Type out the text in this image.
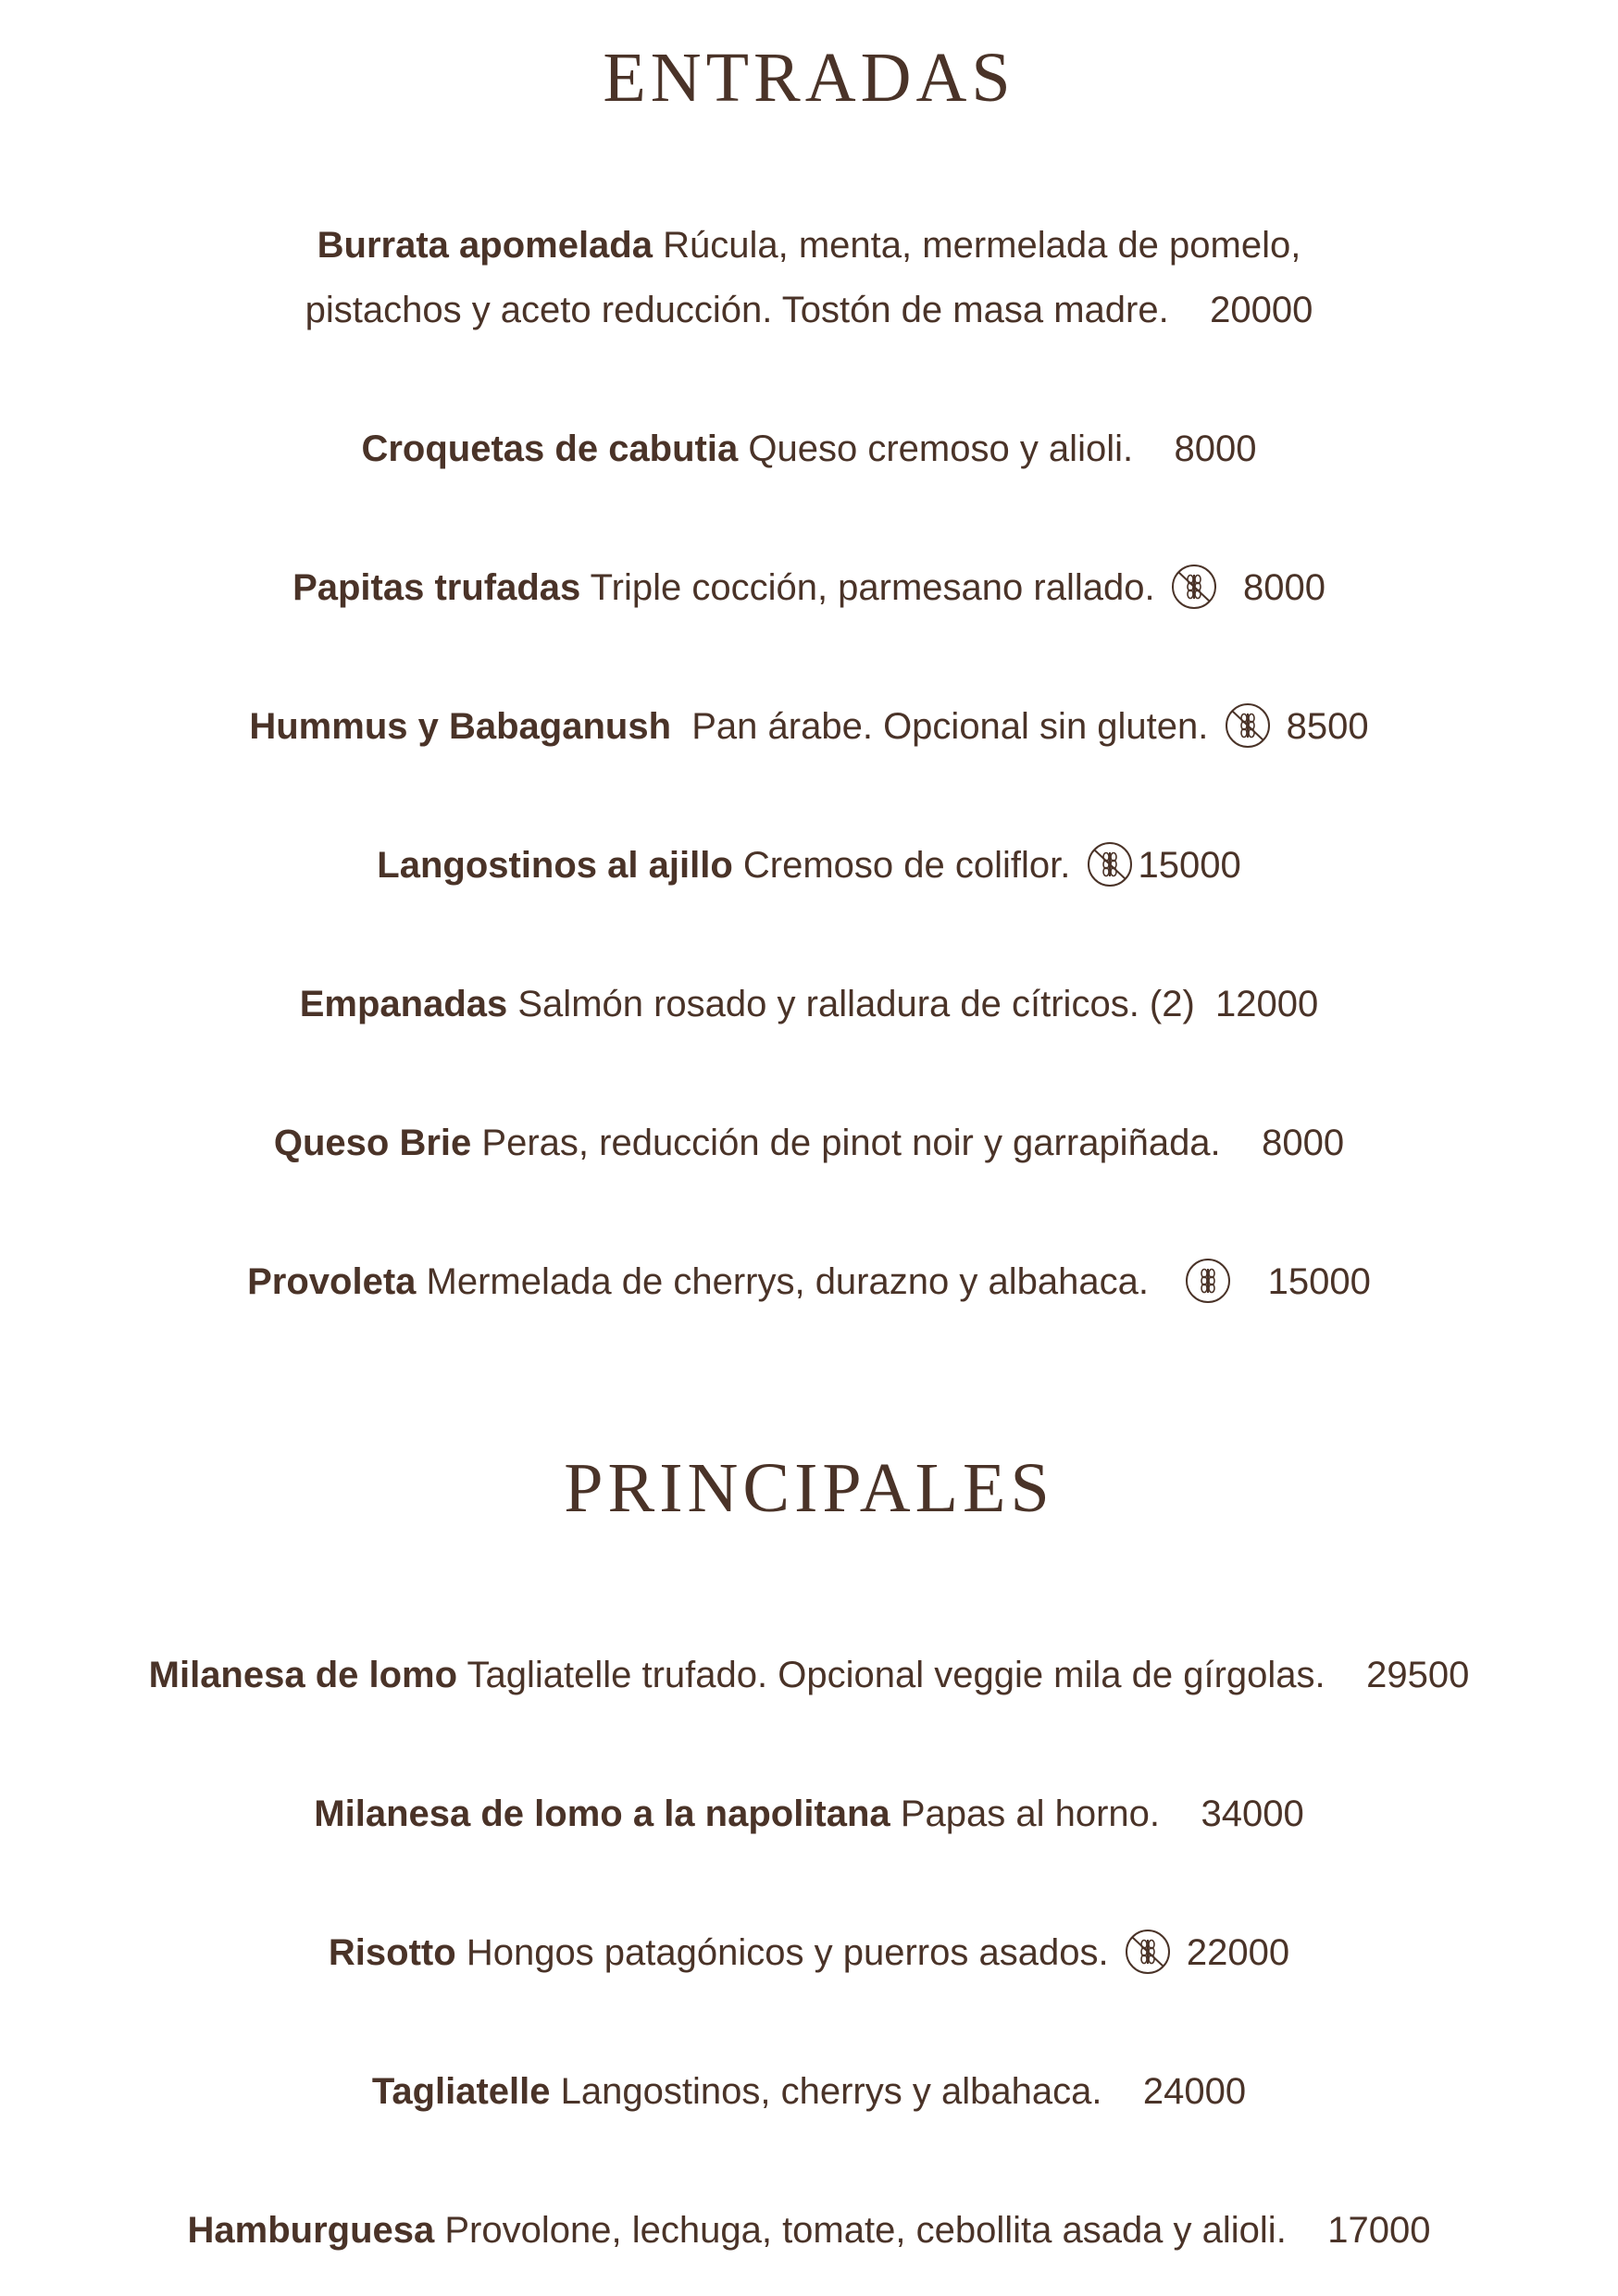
ENTRADAS
Burrata apomelada Rúcula, menta, mermelada de pomelo,
pistachos y aceto reducción. Tostón de masa madre. 20000
Croquetas de cabutia Queso cremoso y alioli. 8000
Papitas trufadas Triple cocción, parmesano rallado. 8000
Hummus y Babaganush Pan árabe. Opcional sin gluten. 8500
Langostinos al ajillo Cremoso de coliflor. 15000
Empanadas Salmón rosado y ralladura de cítricos. (2) 12000
Queso Brie Peras, reducción de pinot noir y garrapiñada. 8000
Provoleta Mermelada de cherrys, durazno y albahaca.	15000
PRINCIPALES
Milanesa de lomo Tagliatelle trufado. Opcional veggie mila de gírgolas. 29500
Milanesa de lomo a la napolitana Papas al horno. 34000
Risotto Hongos patagónicos y puerros asados. 22000
Tagliatelle Langostinos, cherrys y albahaca. 24000
Hamburguesa Provolone, lechuga, tomate, cebollita asada y alioli. 17000
